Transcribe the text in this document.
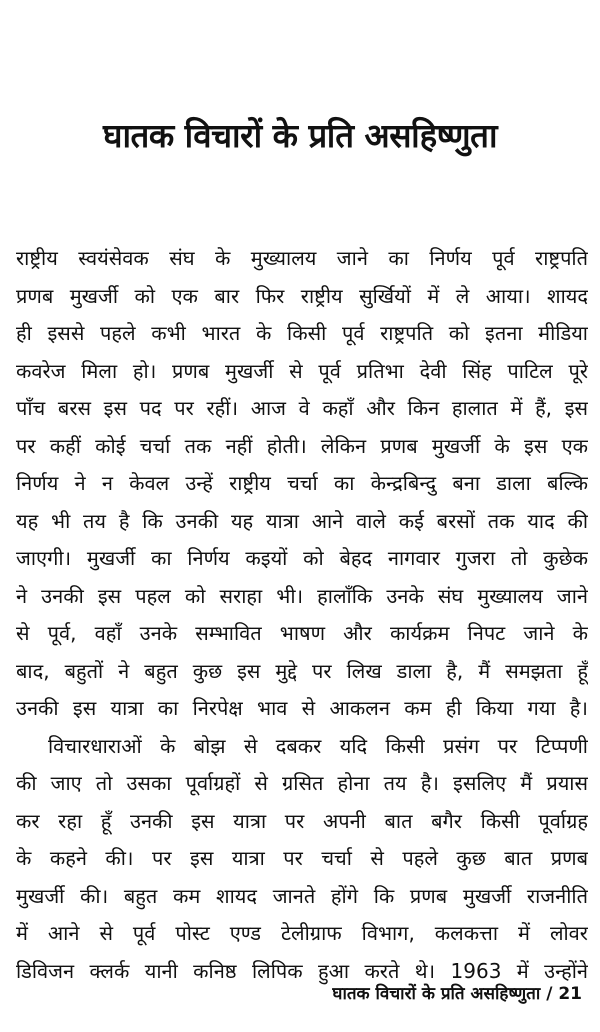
घातक विचारों के प्रति असहिष्णुता
राष्ट्रीय स्वयंसेवक संघ के मुख्यालय जाने का निर्णय पूर्व राष्ट्रपति
प्रणब मुखर्जी को एक बार फिर राष्ट्रीय सुर्खियों में ले आया। शायद
ही इससे पहले कभी भारत के किसी पूर्व राष्ट्रपति को इतना मीडिया
कवरेज मिला हो। प्रणब मुखर्जी से पूर्व प्रतिभा देवी सिंह पाटिल पूरे
पाँच बरस इस पद पर रहीं। आज वे कहाँ और किन हालात में हैं, इस
पर कहीं कोई चर्चा तक नहीं होती। लेकिन प्रणब मुखर्जी के इस एक
निर्णय ने न केवल उन्हें राष्ट्रीय चर्चा का केन्द्रबिन्दु बना डाला बल्कि
यह भी तय है कि उनकी यह यात्रा आने वाले कई बरसों तक याद की
जाएगी। मुखर्जी का निर्णय कइयों को बेहद नागवार गुजरा तो कुछेक
ने उनकी इस पहल को सराहा भी। हालाँकि उनके संघ मुख्यालय जाने
से पूर्व, वहाँ उनके सम्भावित भाषण और कार्यक्रम निपट जाने के
बाद, बहुतों ने बहुत कुछ इस मुद्दे पर लिख डाला है, मैं समझता हूँ
उनकी इस यात्रा का निरपेक्ष भाव से आकलन कम ही किया गया है।
विचारधाराओं के बोझ से दबकर यदि किसी प्रसंग पर टिप्पणी
की जाए तो उसका पूर्वाग्रहों से ग्रसित होना तय है। इसलिए मैं प्रयास
कर रहा हूँ उनकी इस यात्रा पर अपनी बात बगैर किसी पूर्वाग्रह
के कहने की। पर इस यात्रा पर चर्चा से पहले कुछ बात प्रणब
मुखर्जी की। बहुत कम शायद जानते होंगे कि प्रणब मुखर्जी राजनीति
में आने से पूर्व पोस्ट एण्ड टेलीग्राफ विभाग, कलकत्ता में लोवर
डिविजन क्लर्क यानी कनिष्ठ लिपिक हुआ करते थे। 1963 में उन्होंने
घातक विचारों के प्रति असहिष्णुता / 21
